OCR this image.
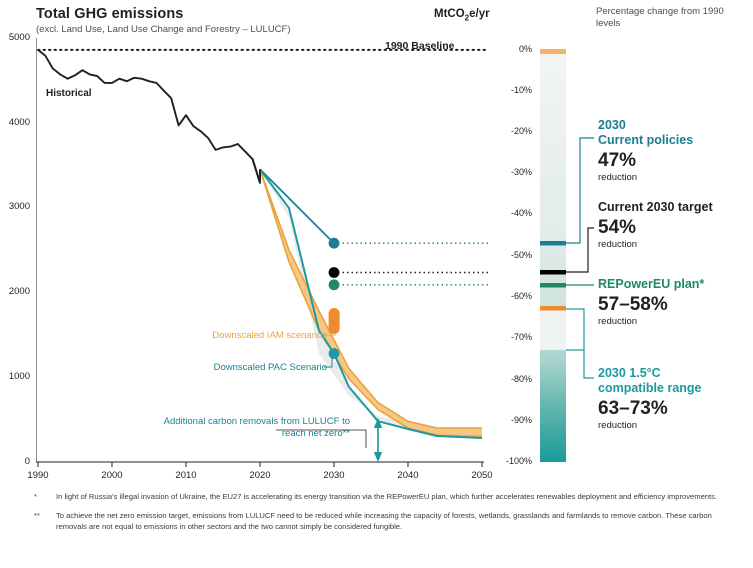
Total GHG emissions
(excl. Land Use, Land Use Change and Forestry – LULUCF)
MtCO$_2$e/yr	Percentage change from 1990 levels
5000
4000
3000
2000
1000
0
1990	2000	2010	2020	2030	2040	2050
Historical
1990 Baseline
Downscaled IAM scenarios
Downscaled PAC Scenario
Additional carbon removals from LULUCF to reach net zero**
0%
-10%
-20%
-30%
-40%
-50%
-60%
-70%
-80%
-90%
-100%
2030
Current policies
47%
reduction
Current 2030 target
54%
reduction
REPowerEU plan*
57–58%
reduction
2030 1.5°C compatible range
63–73%
reduction
*	In light of Russia's illegal invasion of Ukraine, the EU27 is accelerating its energy transition via the REPowerEU plan, which further accelerates renewables deployment and efficiency improvements.
** To achieve the net zero emission target, emissions from LULUCF need to be reduced while increasing the capacity of forests, wetlands, grasslands and farmlands to remove carbon. These carbon removals are not equal to emissions in other sectors and the two cannot simply be considered fungible.
